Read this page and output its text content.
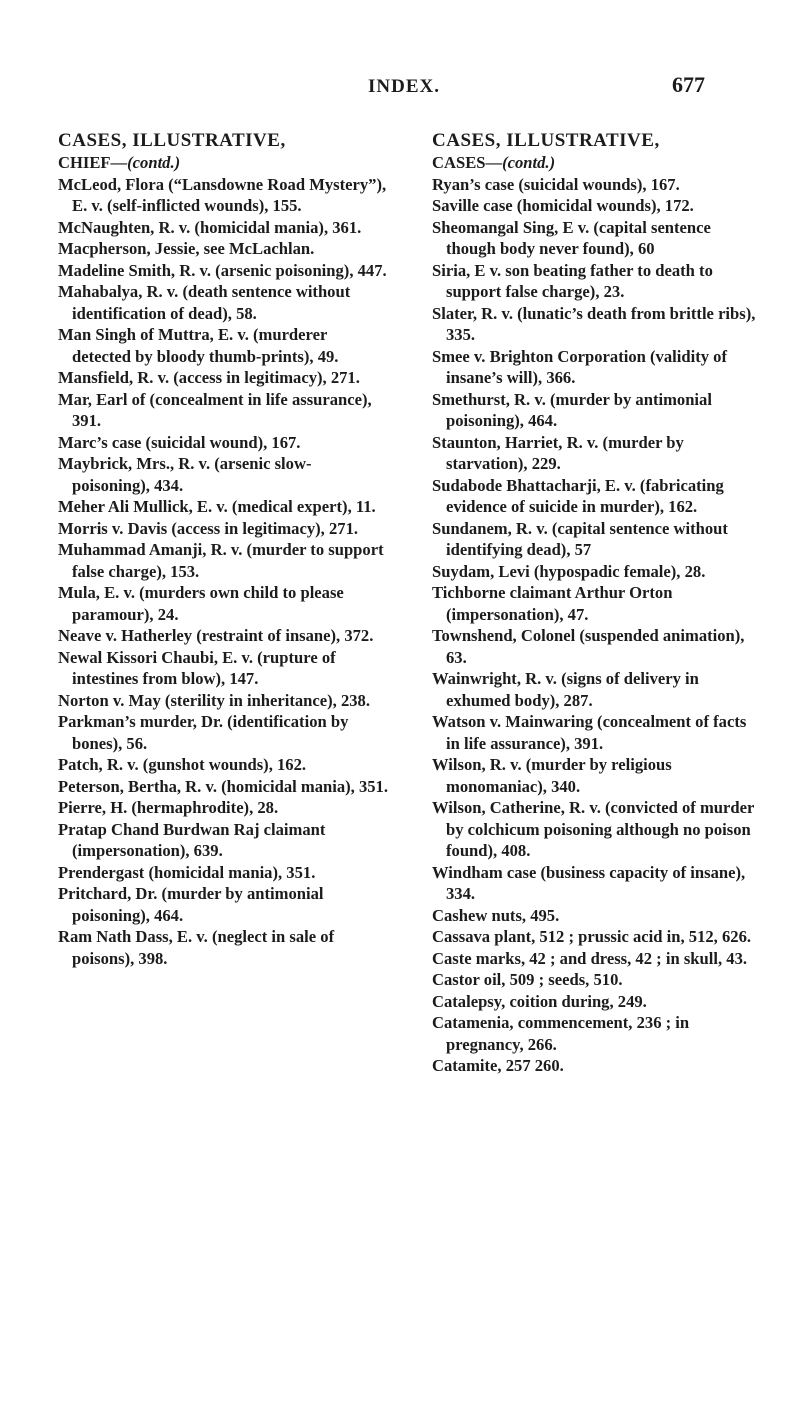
INDEX.	677

CASES, ILLUSTRATIVE,

CHIEF—(contd.)

McLeod, Flora (“Lansdowne Road Mystery”), E. v. (self-inflicted wounds), 155.

McNaughten, R. v. (homicidal mania), 361.

Macpherson, Jessie, see McLachlan.

Madeline Smith, R. v. (arsenic poisoning), 447.

Mahabalya, R. v. (death sentence without identification of dead), 58.

Man Singh of Muttra, E. v. (murderer detected by bloody thumb-prints), 49.

Mansfield, R. v. (access in legitimacy), 271.

Mar, Earl of (concealment in life assurance), 391.

Marc’s case (suicidal wound), 167.

Maybrick, Mrs., R. v. (arsenic slow-poisoning), 434.

Meher Ali Mullick, E. v. (medical expert), 11.

Morris v. Davis (access in legitimacy), 271.

Muhammad Amanji, R. v. (murder to support false charge), 153.

Mula, E. v. (murders own child to please paramour), 24.

Neave v. Hatherley (restraint of insane), 372.

Newal Kissori Chaubi, E. v. (rupture of intestines from blow), 147.

Norton v. May (sterility in inheritance), 238.

Parkman’s murder, Dr. (identification by bones), 56.

Patch, R. v. (gunshot wounds), 162.

Peterson, Bertha, R. v. (homicidal mania), 351.

Pierre, H. (hermaphrodite), 28.

Pratap Chand Burdwan Raj claimant (impersonation), 639.

Prendergast (homicidal mania), 351.

Pritchard, Dr. (murder by antimonial poisoning), 464.

Ram Nath Dass, E. v. (neglect in sale of poisons), 398.

CASES, ILLUSTRATIVE,

CASES—(contd.)

Ryan’s case (suicidal wounds), 167.

Saville case (homicidal wounds), 172.

Sheomangal Sing, E v. (capital sentence though body never found), 60

Siria, E v. son beating father to death to support false charge), 23.

Slater, R. v. (lunatic’s death from brittle ribs), 335.

Smee v. Brighton Corporation (validity of insane’s will), 366.

Smethurst, R. v. (murder by antimonial poisoning), 464.

Staunton, Harriet, R. v. (murder by starvation), 229.

Sudabode Bhattacharji, E. v. (fabricating evidence of suicide in murder), 162.

Sundanem, R. v. (capital sentence without identifying dead), 57

Suydam, Levi (hypospadic female), 28.

Tichborne claimant Arthur Orton (impersonation), 47.

Townshend, Colonel (suspended animation), 63.

Wainwright, R. v. (signs of delivery in exhumed body), 287.

Watson v. Mainwaring (concealment of facts in life assurance), 391.

Wilson, R. v. (murder by religious monomaniac), 340.

Wilson, Catherine, R. v. (convicted of murder by colchicum poisoning although no poison found), 408.

Windham case (business capacity of insane), 334.

Cashew nuts, 495.

Cassava plant, 512 ; prussic acid in, 512, 626.

Caste marks, 42 ; and dress, 42 ; in skull, 43.

Castor oil, 509 ; seeds, 510.

Catalepsy, coition during, 249.

Catamenia, commencement, 236 ; in pregnancy, 266.

Catamite, 257 260.
